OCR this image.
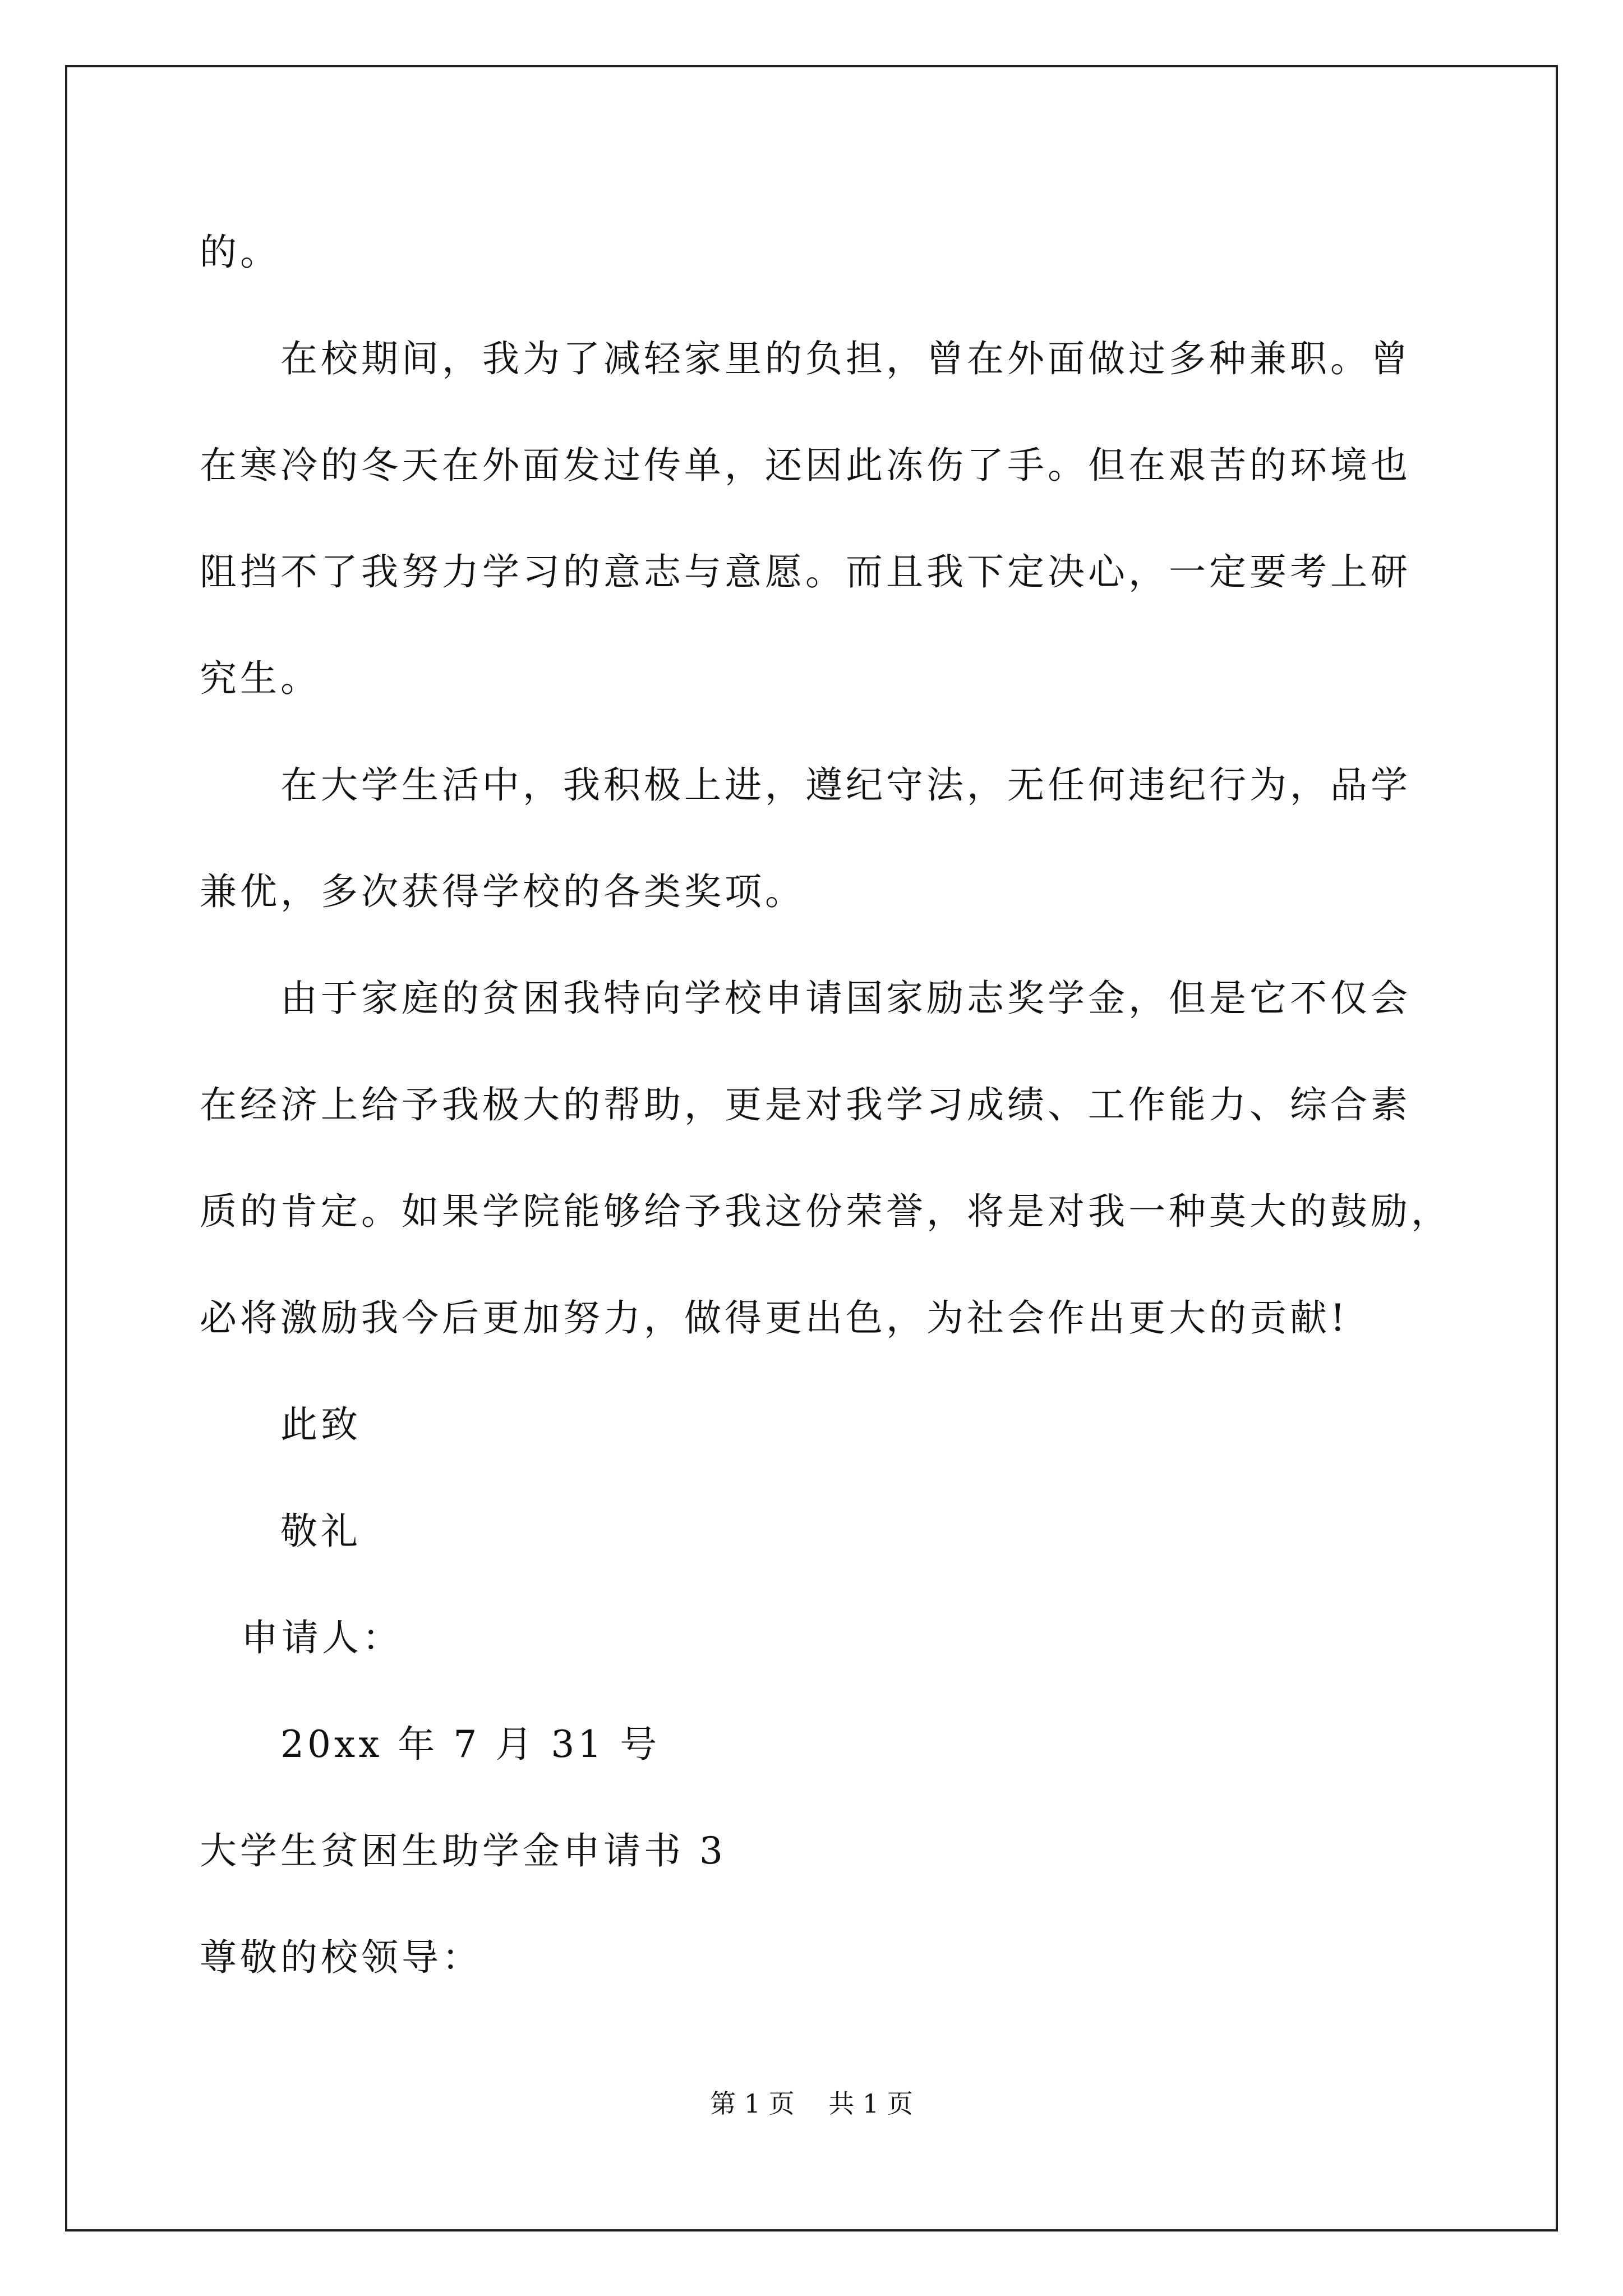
的。
在校期间，我为了减轻家里的负担，曾在外面做过多种兼职。曾
在寒冷的冬天在外面发过传单，还因此冻伤了手。但在艰苦的环境也
阻挡不了我努力学习的意志与意愿。而且我下定决心，一定要考上研
究生。
在大学生活中，我积极上进，遵纪守法，无任何违纪行为，品学
兼优，多次获得学校的各类奖项。
由于家庭的贫困我特向学校申请国家励志奖学金，但是它不仅会
在经济上给予我极大的帮助，更是对我学习成绩、工作能力、综合素
质的肯定。如果学院能够给予我这份荣誉，将是对我一种莫大的鼓励，
必将激励我今后更加努力，做得更出色，为社会作出更大的贡献!
此致
敬礼
申请人：
20xx 年 7 月 31 号
大学生贫困生助学金申请书 3
尊敬的校领导：
第 1 页　 共 1 页
